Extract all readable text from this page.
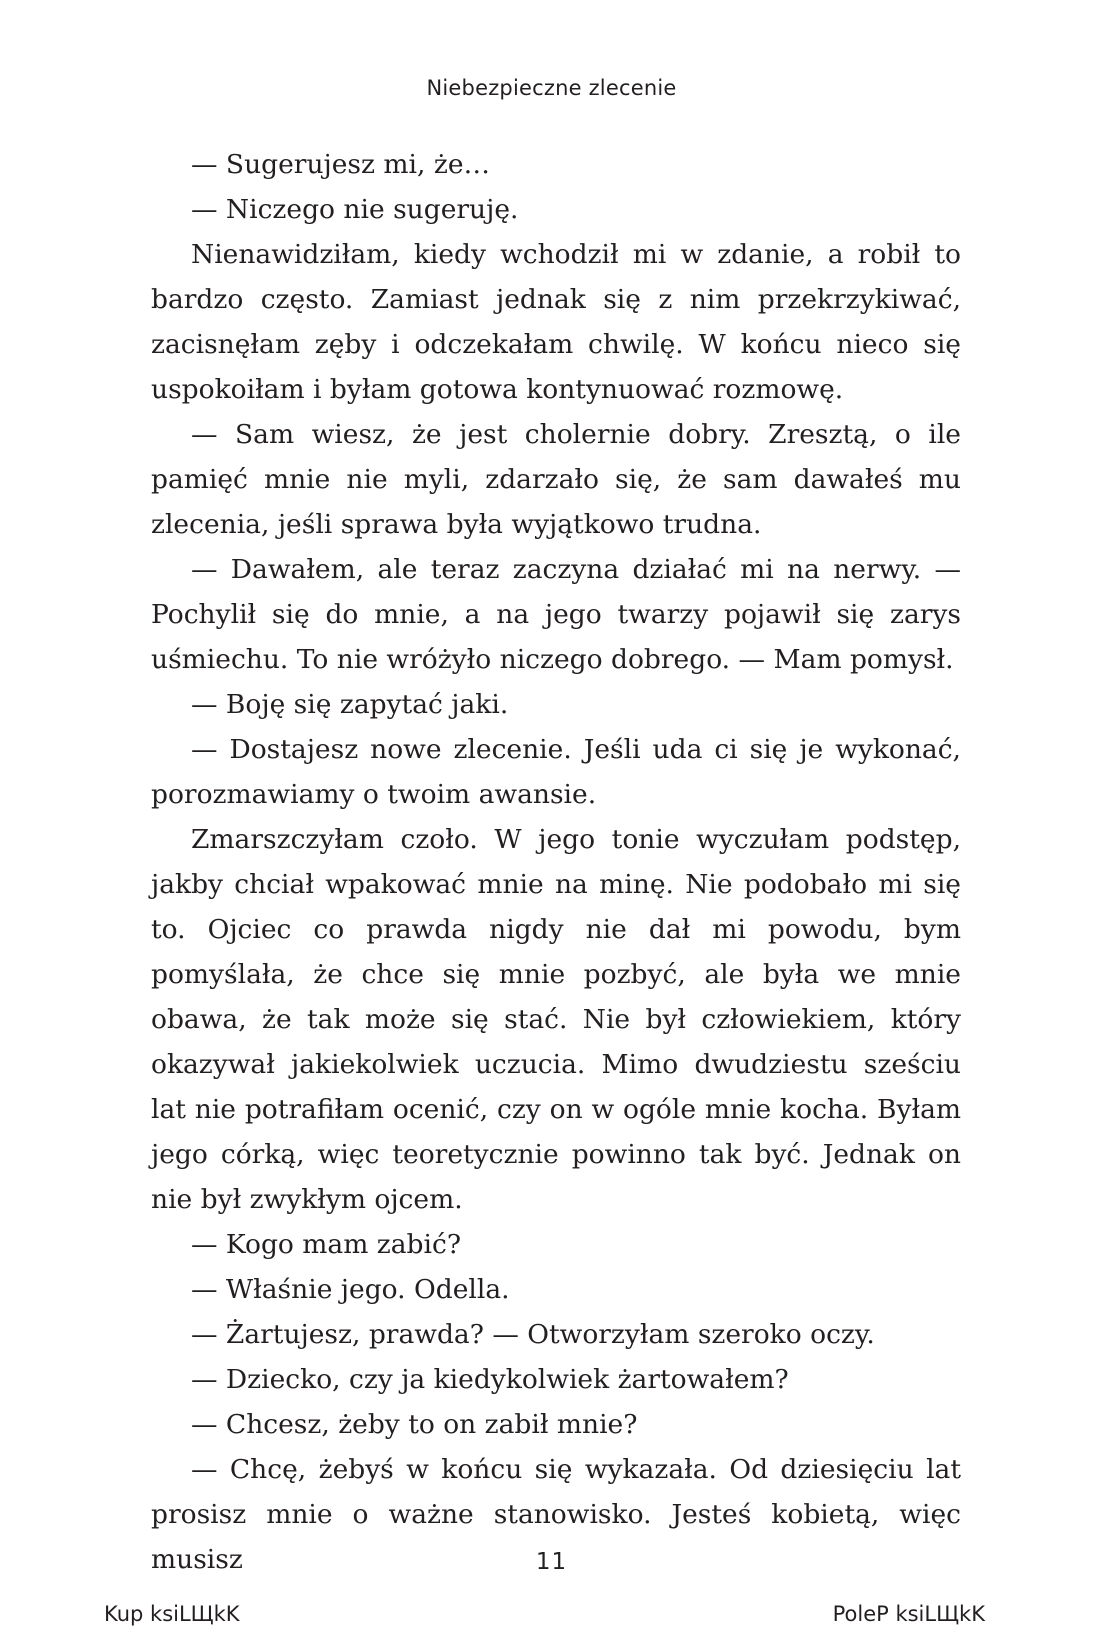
Niebezpieczne zlecenie

— Sugerujesz mi, że…

— Niczego nie sugeruję.

Nienawidziłam, kiedy wchodził mi w zdanie, a robił to bardzo często. Zamiast jednak się z nim przekrzykiwać, zacisnęłam zęby i odczekałam chwilę. W końcu nieco się uspokoiłam i byłam gotowa kontynuować rozmowę.

— Sam wiesz, że jest cholernie dobry. Zresztą, o ile pamięć mnie nie myli, zdarzało się, że sam dawałeś mu zlecenia, jeśli sprawa była wyjątkowo trudna.

— Dawałem, ale teraz zaczyna działać mi na nerwy. — Pochylił się do mnie, a na jego twarzy pojawił się zarys uśmiechu. To nie wróżyło niczego dobrego. — Mam pomysł.

— Boję się zapytać jaki.

— Dostajesz nowe zlecenie. Jeśli uda ci się je wykonać, porozmawiamy o twoim awansie.

Zmarszczyłam czoło. W jego tonie wyczułam podstęp, jakby chciał wpakować mnie na minę. Nie podobało mi się to. Ojciec co prawda nigdy nie dał mi powodu, bym pomyślała, że chce się mnie pozbyć, ale była we mnie obawa, że tak może się stać. Nie był człowiekiem, który okazywał jakiekolwiek uczucia. Mimo dwudziestu sześciu lat nie potrafiłam ocenić, czy on w ogóle mnie kocha. Byłam jego córką, więc teoretycznie powinno tak być. Jednak on nie był zwykłym ojcem.

— Kogo mam zabić?

— Właśnie jego. Odella.

— Żartujesz, prawda? — Otworzyłam szeroko oczy.

— Dziecko, czy ja kiedykolwiek żartowałem?

— Chcesz, żeby to on zabił mnie?

— Chcę, żebyś w końcu się wykazała. Od dziesięciu lat prosisz mnie o ważne stanowisko. Jesteś kobietą, więc musisz	11
Kup ksiLЩkK	PoleP ksiLЩkK
